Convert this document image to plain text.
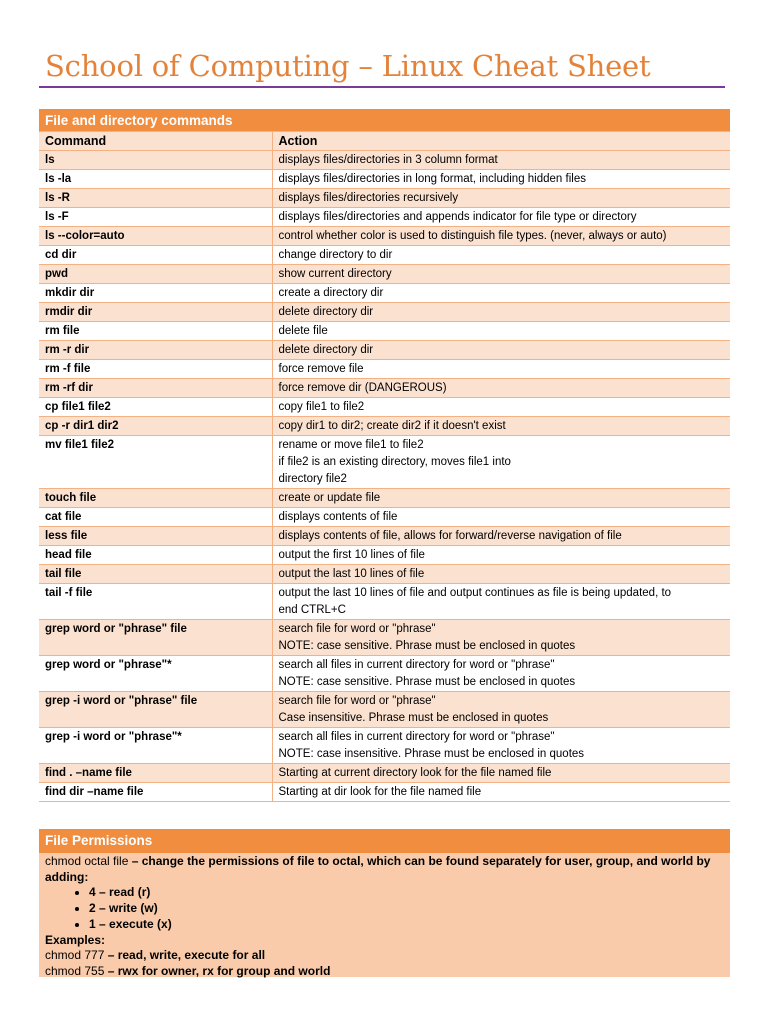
School of Computing – Linux Cheat Sheet
File and directory commands	
Command	Action
ls	displays files/directories in 3 column format

ls -la	displays files/directories in long format, including hidden files

ls -R	displays files/directories recursively

ls -F	displays files/directories and appends indicator for file type or directory

ls --color=auto	control whether color is used to distinguish file types. (never, always or auto)

cd dir	change directory to dir

pwd	show current directory

mkdir dir	create a directory dir

rmdir dir	delete directory dir

rm file	delete file

rm -r dir	delete directory dir

rm -f file	force remove file

rm -rf dir	force remove dir (DANGEROUS)

cp file1 file2	copy file1 to file2

cp -r dir1 dir2	copy dir1 to dir2; create dir2 if it doesn't exist

mv file1 file2	rename or move file1 to file2
if file2 is an existing directory, moves file1 into
directory file2

touch file	create or update file

cat file	displays contents of file

less file	displays contents of file, allows for forward/reverse navigation of file

head file	output the first 10 lines of file

tail file	output the last 10 lines of file

tail -f file	output the last 10 lines of file and output continues as file is being updated, to
end CTRL+C

grep word or "phrase" file	search file for word or "phrase"
NOTE: case sensitive. Phrase must be enclosed in quotes

grep word or "phrase"*	search all files in current directory for word or "phrase"
NOTE: case sensitive. Phrase must be enclosed in quotes

grep -i word or "phrase" file	search file for word or "phrase"
Case insensitive. Phrase must be enclosed in quotes

grep -i word or "phrase"*	search all files in current directory for word or "phrase"
NOTE: case insensitive. Phrase must be enclosed in quotes

find . –name file	Starting at current directory look for the file named file

find dir –name file	Starting at dir look for the file named file
File Permissions
chmod octal file – change the permissions of file to octal, which can be found separately for user, group, and world by adding:
• 4 – read (r)
• 2 – write (w)
• 1 – execute (x)
Examples:
chmod 777 – read, write, execute for all
chmod 755 – rwx for owner, rx for group and world
